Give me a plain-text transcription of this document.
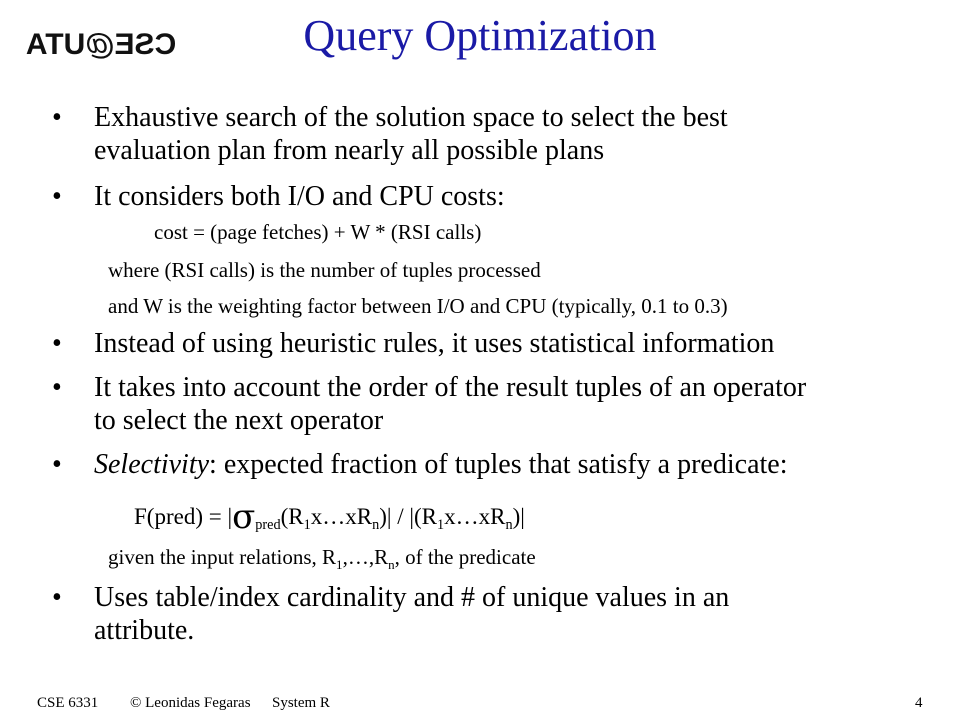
CSE@UTA	Query Optimization
•	Exhaustive search of the solution space to select the best
evaluation plan from nearly all possible plans
•	It considers both I/O and CPU costs:
cost = (page fetches) + W * (RSI calls)
where (RSI calls) is the number of tuples processed
and W is the weighting factor between I/O and CPU (typically, 0.1 to 0.3)
•	Instead of using heuristic rules, it uses statistical information
•	It takes into account the order of the result tuples of an operator
to select the next operator
•	Selectivity: expected fraction of tuples that satisfy a predicate:
F(pred) = $|\sigma_{pred}(R_1x\dots xR_n)|$ / $|(R_1x\dots xR_n)|$
given the input relations, $R_1,\dots,R_n$, of the predicate
•	Uses table/index cardinality and # of unique values in an
attribute.
CSE 6331 © Leonidas Fegaras System R	4
